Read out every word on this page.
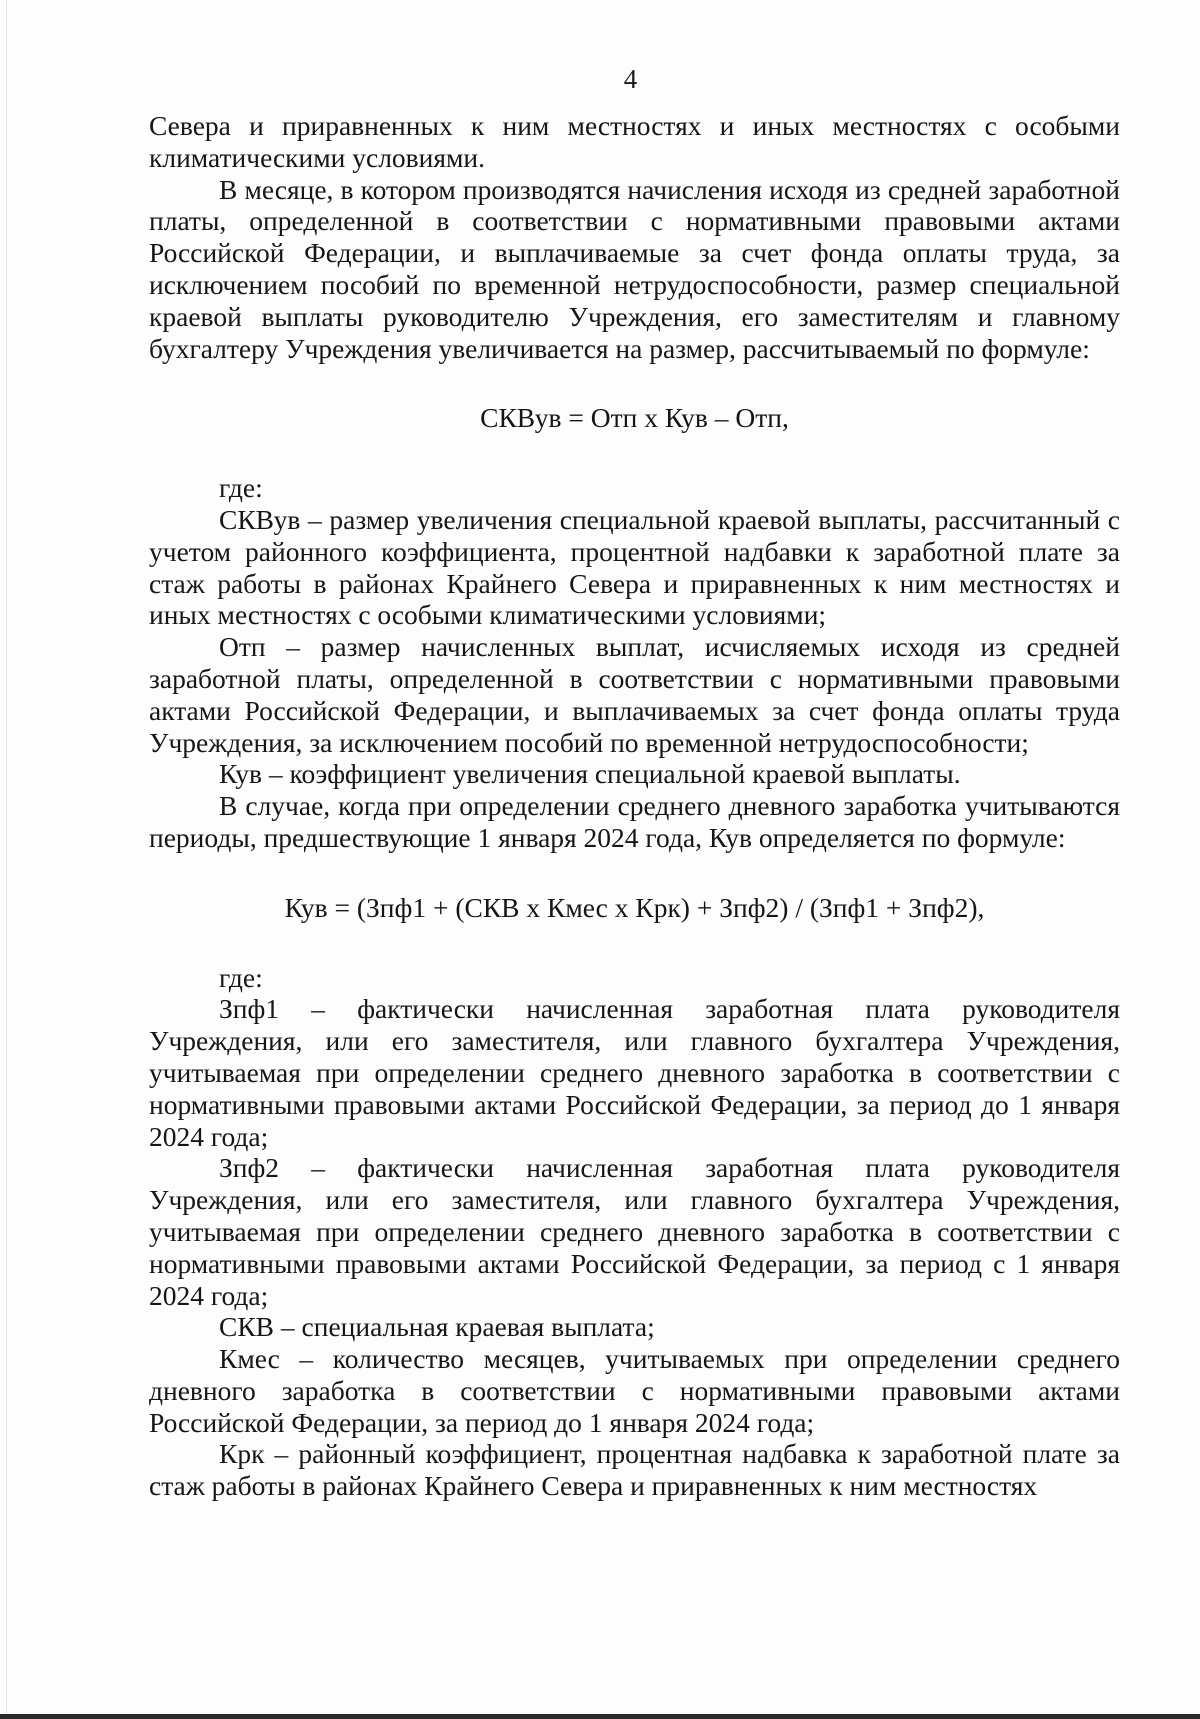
4

Севера и приравненных к ним местностях и иных местностях с особыми климатическими условиями.

В месяце, в котором производятся начисления исходя из средней заработной платы, определенной в соответствии с нормативными правовыми актами Российской Федерации, и выплачиваемые за счет фонда оплаты труда, за исключением пособий по временной нетрудоспособности, размер специальной краевой выплаты руководителю Учреждения, его заместителям и главному бухгалтеру Учреждения увеличивается на размер, рассчитываемый по формуле:

СКВув = Отп х Кув – Отп,

где:

СКВув – размер увеличения специальной краевой выплаты, рассчитанный с учетом районного коэффициента, процентной надбавки к заработной плате за стаж работы в районах Крайнего Севера и приравненных к ним местностях и иных местностях с особыми климатическими условиями;

Отп – размер начисленных выплат, исчисляемых исходя из средней заработной платы, определенной в соответствии с нормативными правовыми актами Российской Федерации, и выплачиваемых за счет фонда оплаты труда Учреждения, за исключением пособий по временной нетрудоспособности;

Кув – коэффициент увеличения специальной краевой выплаты.

В случае, когда при определении среднего дневного заработка учитываются периоды, предшествующие 1 января 2024 года, Кув определяется по формуле:

Кув = (Зпф1 + (СКВ х Кмес х Крк) + Зпф2) / (Зпф1 + Зпф2),

где:

Зпф1 – фактически начисленная заработная плата руководителя Учреждения, или его заместителя, или главного бухгалтера Учреждения, учитываемая при определении среднего дневного заработка в соответствии с нормативными правовыми актами Российской Федерации, за период до 1 января 2024 года;

Зпф2 – фактически начисленная заработная плата руководителя Учреждения, или его заместителя, или главного бухгалтера Учреждения, учитываемая при определении среднего дневного заработка в соответствии с нормативными правовыми актами Российской Федерации, за период с 1 января 2024 года;

СКВ – специальная краевая выплата;

Кмес – количество месяцев, учитываемых при определении среднего дневного заработка в соответствии с нормативными правовыми актами Российской Федерации, за период до 1 января 2024 года;

Крк – районный коэффициент, процентная надбавка к заработной плате за стаж работы в районах Крайнего Севера и приравненных к ним местностях
